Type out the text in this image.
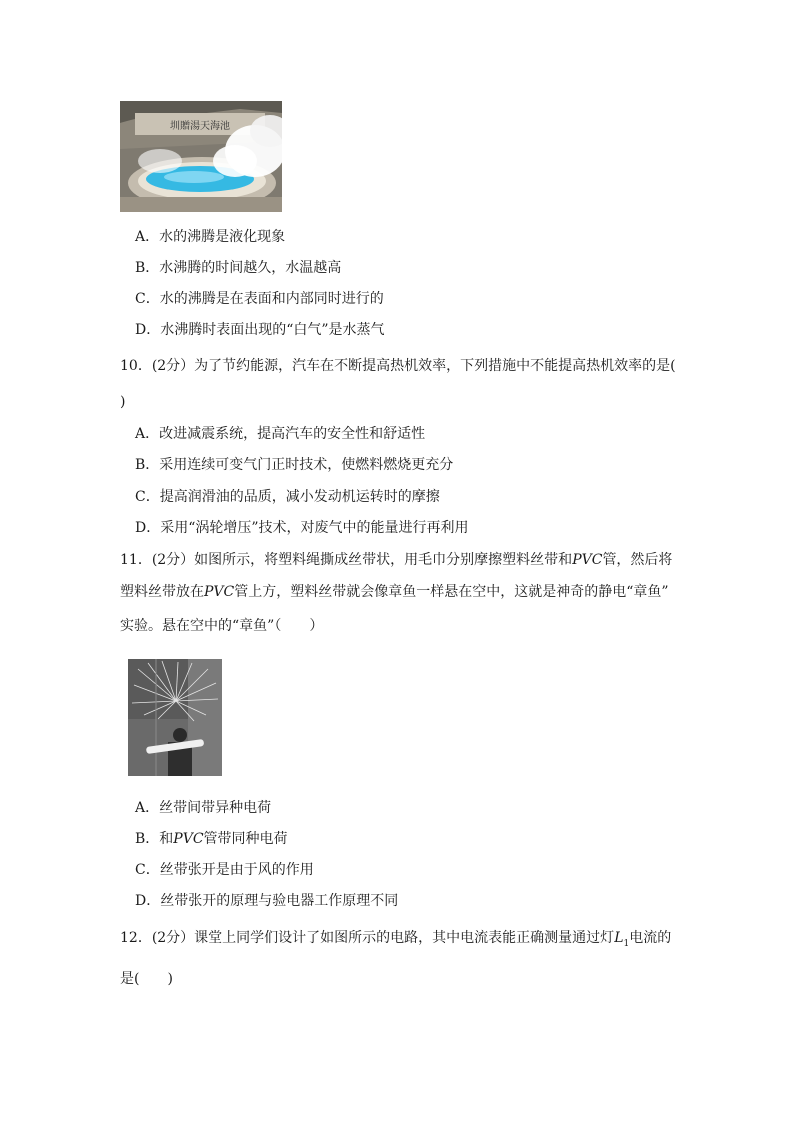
圳贈湯天海池
A．水的沸腾是液化现象
B．水沸腾的时间越久，水温越高
C．水的沸腾是在表面和内部同时进行的
D．水沸腾时表面出现的“白气”是水蒸气
10．(2分）为了节约能源，汽车在不断提高热机效率，下列措施中不能提高热机效率的是(
)
A．改进减震系统，提高汽车的安全性和舒适性
B．采用连续可变气门正时技术，使燃料燃烧更充分
C．提高润滑油的品质，减小发动机运转时的摩擦
D．采用“涡轮增压”技术，对废气中的能量进行再利用
11．(2分）如图所示，将塑料绳撕成丝带状，用毛巾分别摩擦塑料丝带和PVC管，然后将
塑料丝带放在PVC管上方，塑料丝带就会像章鱼一样悬在空中，这就是神奇的静电“章鱼”
实验。悬在空中的“章鱼”（　　）
A．丝带间带异种电荷
B．和PVC管带同种电荷
C．丝带张开是由于风的作用
D．丝带张开的原理与验电器工作原理不同
12．(2分）课堂上同学们设计了如图所示的电路，其中电流表能正确测量通过灯$L_1$电流的
是(　　)
